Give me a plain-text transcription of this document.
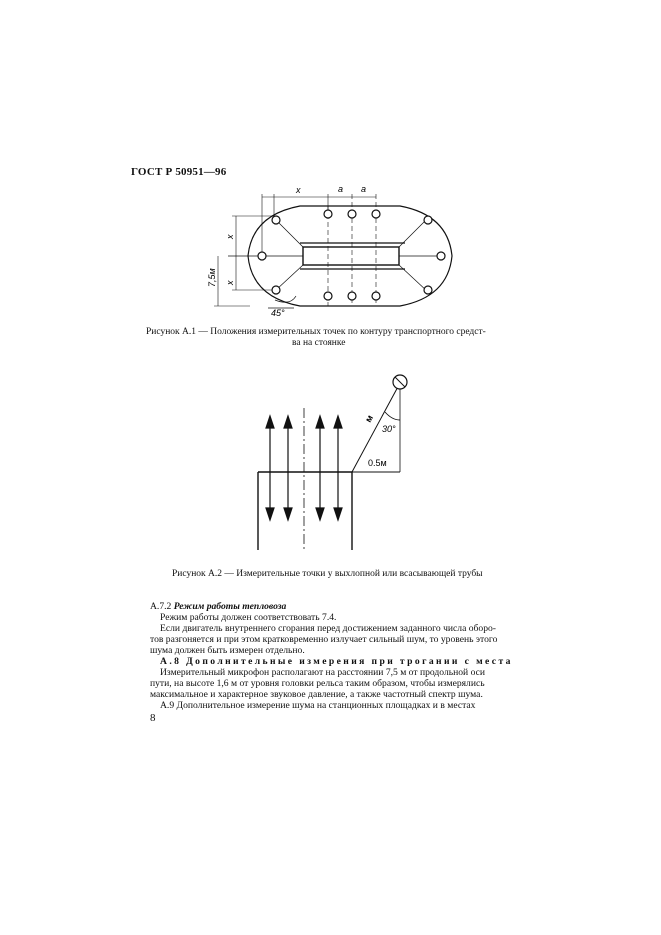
ГОСТ Р 50951—96
x	a a
x
x
7,5м
45°
Рисунок А.1 — Положения измерительных точек по контуру транспортного средст-
ва на стоянке
м
30°
0.5м
Рисунок А.2 — Измерительные точки у выхлопной или всасывающей трубы
А.7.2 Режим работы тепловоза
Режим работы должен соответствовать 7.4.
Если двигатель внутреннего сгорания перед достижением заданного числа оборо-
тов разгоняется и при этом кратковременно излучает сильный шум, то уровень этого
шума должен быть измерен отдельно.
А.8 Дополнительные измерения при трогании с места
Измерительный микрофон располагают на расстоянии 7,5 м от продольной оси
пути, на высоте 1,6 м от уровня головки рельса таким образом, чтобы измерялись
максимальное и характерное звуковое давление, а также частотный спектр шума.
А.9 Дополнительное измерение шума на станционных площадках и в местах
8
